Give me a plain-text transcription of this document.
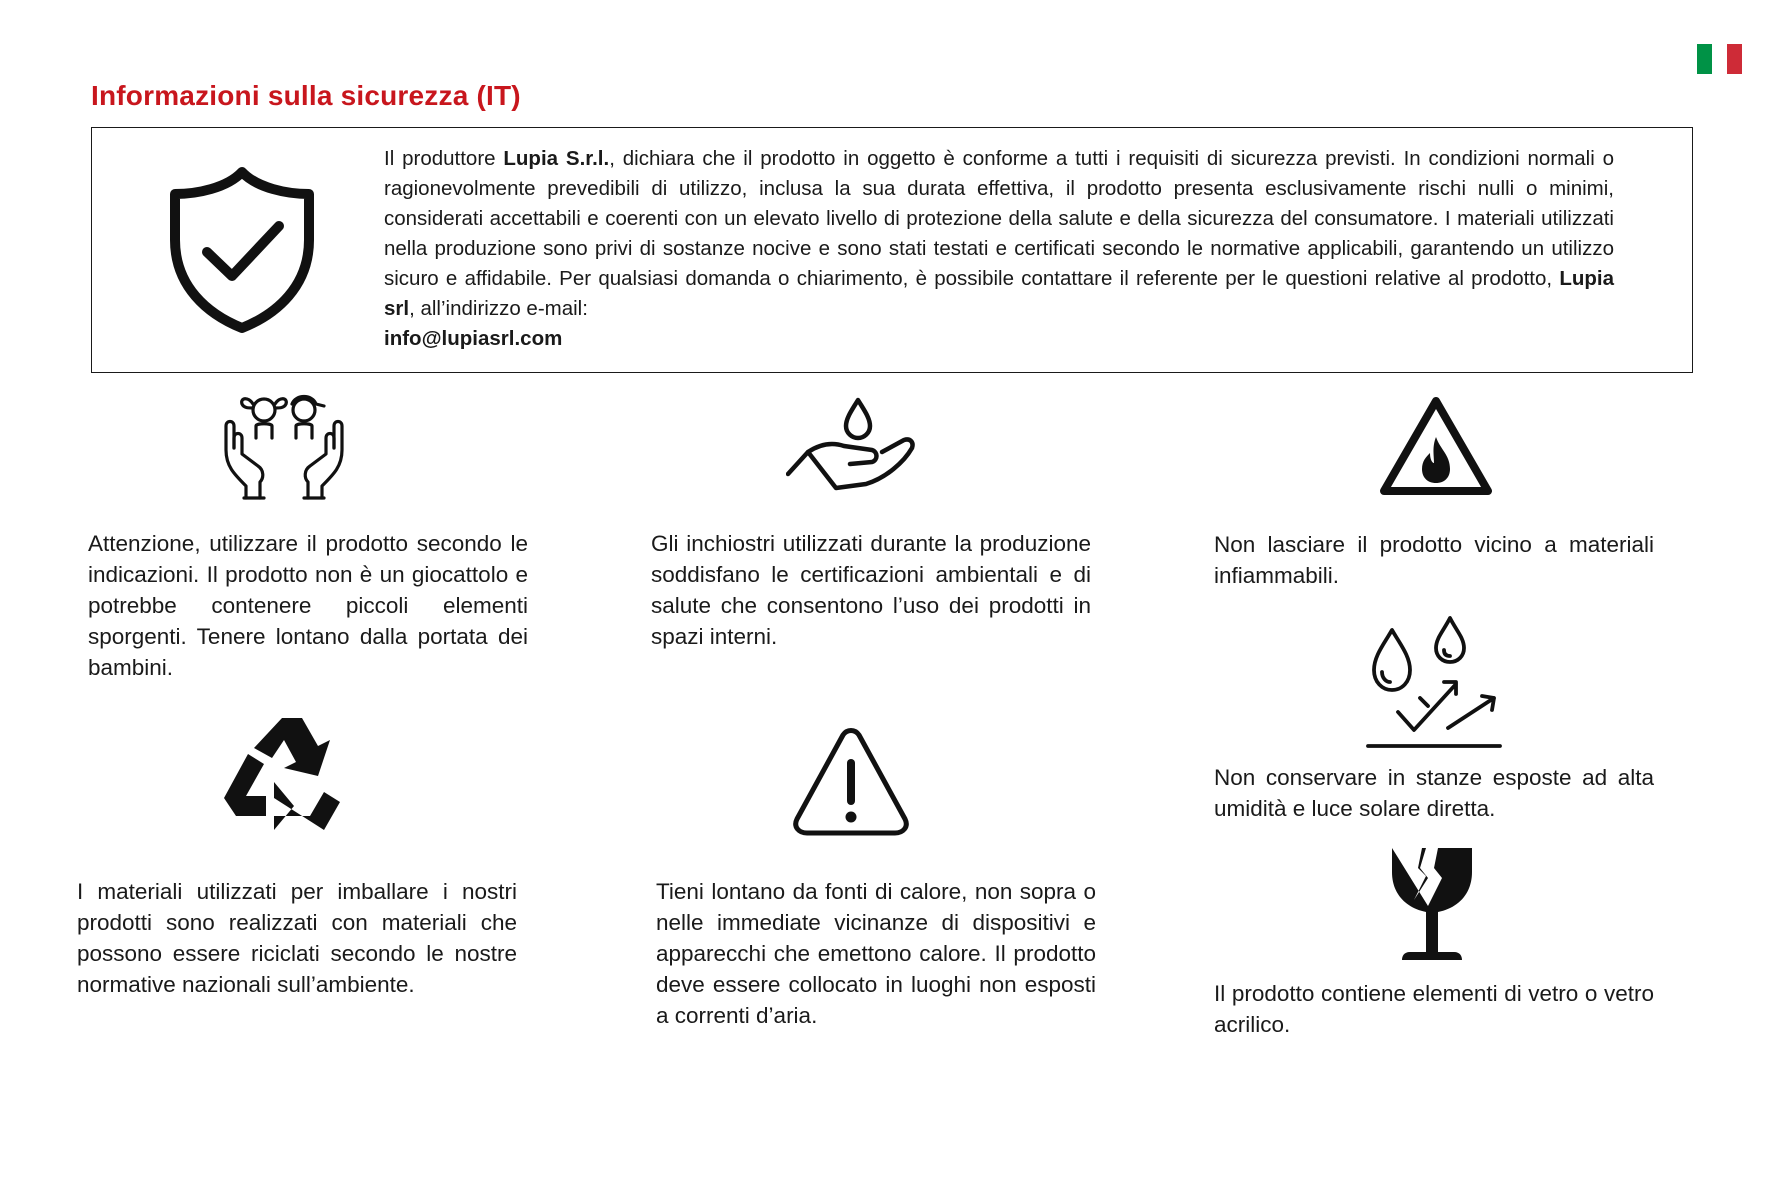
Informazioni sulla sicurezza (IT)

Il produttore Lupia S.r.l., dichiara che il prodotto in oggetto è conforme a tutti i requisiti di sicurezza previsti. In condizioni normali o ragionevolmente prevedibili di utilizzo, inclusa la sua durata effettiva, il prodotto presenta esclusivamente rischi nulli o minimi, considerati accettabili e coerenti con un elevato livello di protezione della salute e della sicurezza del consumatore. I materiali utilizzati nella produzione sono privi di sostanze nocive e sono stati testati e certificati secondo le normative applicabili, garantendo un utilizzo sicuro e affidabile. Per qualsiasi domanda o chiarimento, è possibile contattare il referente per le questioni relative al prodotto, Lupia srl, all’indirizzo e-mail:
info@lupiasrl.com

Attenzione, utilizzare il prodotto secondo le indicazioni. Il prodotto non è un giocattolo e potrebbe contenere piccoli elementi sporgenti. Tenere lontano dalla portata dei bambini.

Gli inchiostri utilizzati durante la produzione soddisfano le certificazioni ambientali e di salute che consentono l’uso dei prodotti in spazi interni.

Non lasciare il prodotto vicino a materiali infiammabili.

Non conservare in stanze esposte ad alta umidità e luce solare diretta.

I materiali utilizzati per imballare i nostri prodotti sono realizzati con materiali che possono essere riciclati secondo le nostre normative nazionali sull’ambiente.

Tieni lontano da fonti di calore, non sopra o nelle immediate vicinanze di dispositivi e apparecchi che emettono calore. Il prodotto deve essere collocato in luoghi non esposti a correnti d’aria.

Il prodotto contiene elementi di vetro o vetro acrilico.
